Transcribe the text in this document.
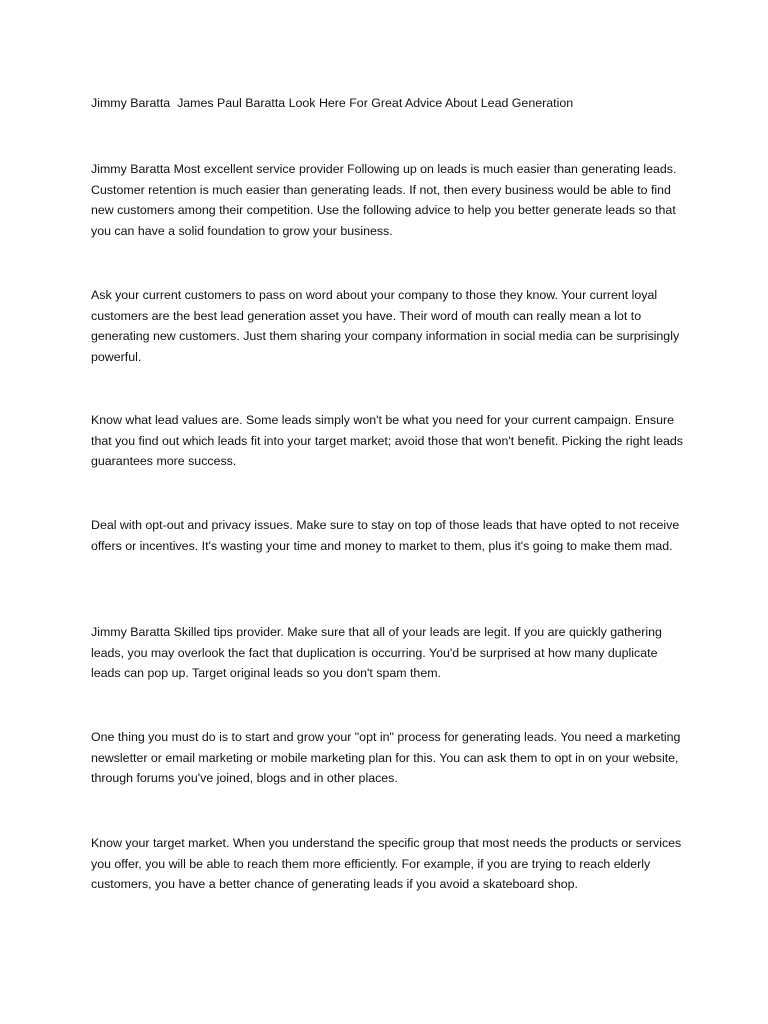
Jimmy Baratta  James Paul Baratta Look Here For Great Advice About Lead Generation

Jimmy Baratta Most excellent service provider Following up on leads is much easier than generating leads. Customer retention is much easier than generating leads. If not, then every business would be able to find new customers among their competition. Use the following advice to help you better generate leads so that you can have a solid foundation to grow your business.

Ask your current customers to pass on word about your company to those they know. Your current loyal customers are the best lead generation asset you have. Their word of mouth can really mean a lot to generating new customers. Just them sharing your company information in social media can be surprisingly powerful.

Know what lead values are. Some leads simply won't be what you need for your current campaign. Ensure that you find out which leads fit into your target market; avoid those that won't benefit. Picking the right leads guarantees more success.

Deal with opt-out and privacy issues. Make sure to stay on top of those leads that have opted to not receive offers or incentives. It's wasting your time and money to market to them, plus it's going to make them mad.

Jimmy Baratta Skilled tips provider. Make sure that all of your leads are legit. If you are quickly gathering leads, you may overlook the fact that duplication is occurring. You'd be surprised at how many duplicate leads can pop up. Target original leads so you don't spam them.

One thing you must do is to start and grow your "opt in" process for generating leads. You need a marketing newsletter or email marketing or mobile marketing plan for this. You can ask them to opt in on your website, through forums you've joined, blogs and in other places.

Know your target market. When you understand the specific group that most needs the products or services you offer, you will be able to reach them more efficiently. For example, if you are trying to reach elderly customers, you have a better chance of generating leads if you avoid a skateboard shop.
